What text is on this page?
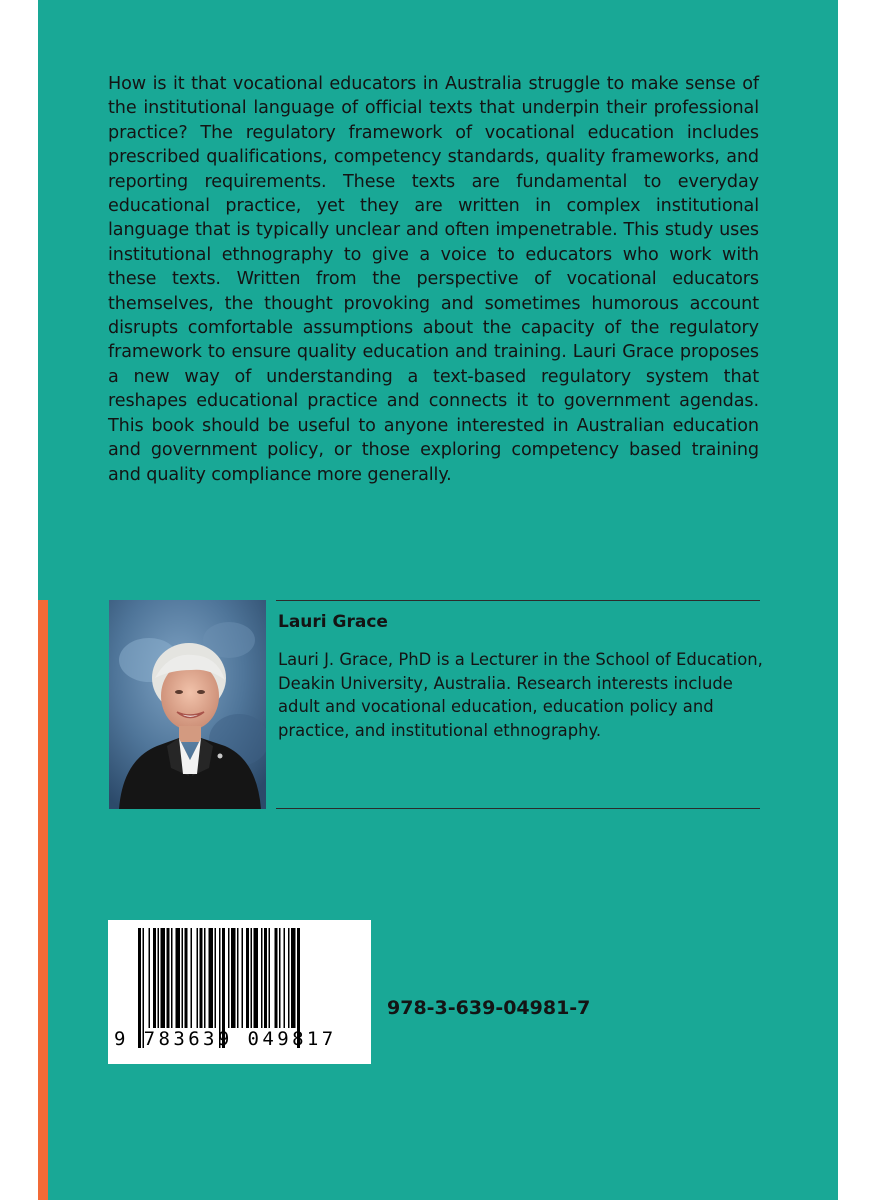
How is it that vocational educators in Australia struggle to make sense of the institutional language of official texts that underpin their professional practice? The regulatory framework of vocational education includes prescribed qualifications, competency standards, quality frameworks, and reporting requirements. These texts are fundamental to everyday educational practice, yet they are written in complex institutional language that is typically unclear and often impenetrable. This study uses institutional ethnography to give a voice to educators who work with these texts. Written from the perspective of vocational educators themselves, the thought provoking and sometimes humorous account disrupts comfortable assumptions about the capacity of the regulatory framework to ensure quality education and training. Lauri Grace proposes a new way of understanding a text-based regulatory system that reshapes educational practice and connects it to government agendas. This book should be useful to anyone interested in Australian education and government policy, or those exploring competency based training and quality compliance more generally.

Lauri Grace

Lauri J. Grace, PhD is a Lecturer in the School of Education, Deakin University, Australia. Research interests include adult and vocational education, education policy and practice, and institutional ethnography.

9 783639 049817
978-3-639-04981-7
